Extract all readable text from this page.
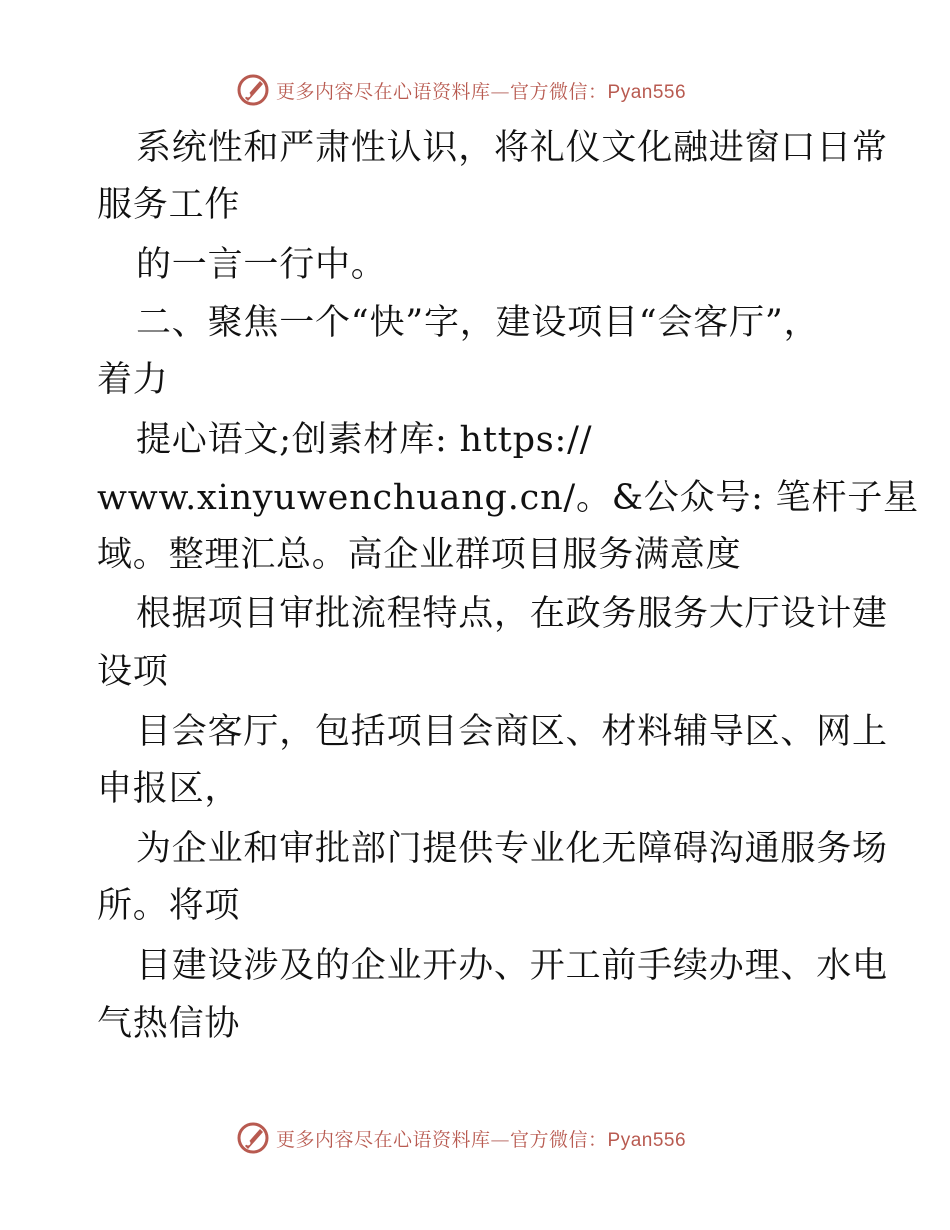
更多内容尽在心语资料库—官方微信：Pyan556
系统性和严肃性认识，将礼仪文化融进窗口日常
服务工作
的一言一行中。
二、聚焦一个“快”字，建设项目“会客厅”，
着力
提心语文;创素材库: https://
www.xinyuwenchuang.cn/。&公众号: 笔杆子星
域。整理汇总。高企业群项目服务满意度
根据项目审批流程特点，在政务服务大厅设计建
设项
目会客厅，包括项目会商区、材料辅导区、网上
申报区，
为企业和审批部门提供专业化无障碍沟通服务场
所。将项
目建设涉及的企业开办、开工前手续办理、水电
气热信协
更多内容尽在心语资料库—官方微信：Pyan556
